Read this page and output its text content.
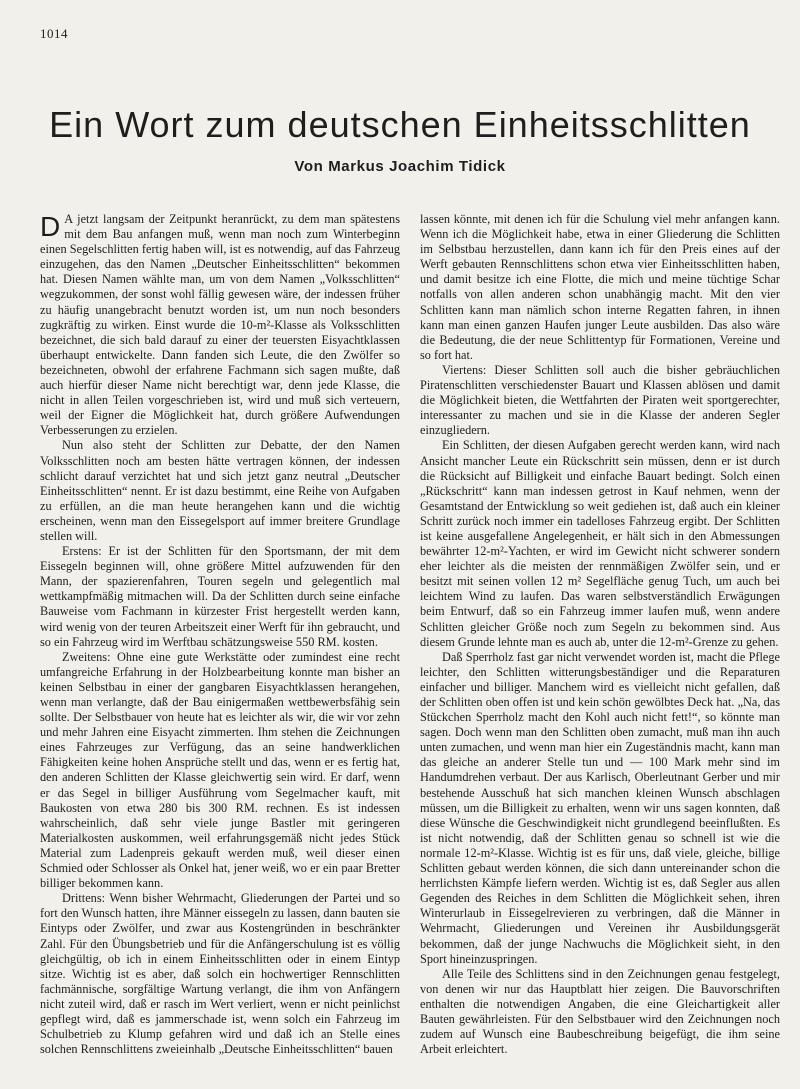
1014
Ein Wort zum deutschen Einheitsschlitten
Von Markus Joachim Tidick

D A jetzt langsam der Zeitpunkt heranrückt, zu dem man spätestens mit dem Bau anfangen muß, wenn man noch zum Winterbeginn einen Segelschlitten fertig haben will, ist es notwendig, auf das Fahrzeug einzugehen, das den Namen „Deutscher Einheitsschlitten“ bekommen hat. Diesen Namen wählte man, um von dem Namen „Volksschlitten“ wegzukommen, der sonst wohl fällig gewesen wäre, der indessen früher zu häufig unangebracht benutzt worden ist, um nun noch besonders zugkräftig zu wirken. Einst wurde die 10-m²-Klasse als Volksschlitten bezeichnet, die sich bald darauf zu einer der teuersten Eisyachtklassen überhaupt entwickelte. Dann fanden sich Leute, die den Zwölfer so bezeichneten, obwohl der erfahrene Fachmann sich sagen mußte, daß auch hierfür dieser Name nicht berechtigt war, denn jede Klasse, die nicht in allen Teilen vorgeschrieben ist, wird und muß sich verteuern, weil der Eigner die Möglichkeit hat, durch größere Aufwendungen Verbesserungen zu erzielen.

Nun also steht der Schlitten zur Debatte, der den Namen Volksschlitten noch am besten hätte vertragen können, der indessen schlicht darauf verzichtet hat und sich jetzt ganz neutral „Deutscher Einheitsschlitten“ nennt. Er ist dazu bestimmt, eine Reihe von Aufgaben zu erfüllen, an die man heute herangehen kann und die wichtig erscheinen, wenn man den Eissegelsport auf immer breitere Grundlage stellen will.

Erstens: Er ist der Schlitten für den Sportsmann, der mit dem Eissegeln beginnen will, ohne größere Mittel aufzuwenden für den Mann, der spazierenfahren, Touren segeln und gelegentlich mal wettkampfmäßig mitmachen will. Da der Schlitten durch seine einfache Bauweise vom Fachmann in kürzester Frist hergestellt werden kann, wird wenig von der teuren Arbeitszeit einer Werft für ihn gebraucht, und so ein Fahrzeug wird im Werftbau schätzungsweise 550 RM. kosten.

Zweitens: Ohne eine gute Werkstätte oder zumindest eine recht umfangreiche Erfahrung in der Holzbearbeitung konnte man bisher an keinen Selbstbau in einer der gangbaren Eisyachtklassen herangehen, wenn man verlangte, daß der Bau einigermaßen wettbewerbsfähig sein sollte. Der Selbstbauer von heute hat es leichter als wir, die wir vor zehn und mehr Jahren eine Eisyacht zimmerten. Ihm stehen die Zeichnungen eines Fahrzeuges zur Verfügung, das an seine handwerklichen Fähigkeiten keine hohen Ansprüche stellt und das, wenn er es fertig hat, den anderen Schlitten der Klasse gleichwertig sein wird. Er darf, wenn er das Segel in billiger Ausführung vom Segelmacher kauft, mit Baukosten von etwa 280 bis 300 RM. rechnen. Es ist indessen wahrscheinlich, daß sehr viele junge Bastler mit geringeren Materialkosten auskommen, weil erfahrungsgemäß nicht jedes Stück Material zum Ladenpreis gekauft werden muß, weil dieser einen Schmied oder Schlosser als Onkel hat, jener weiß, wo er ein paar Bretter billiger bekommen kann.

Drittens: Wenn bisher Wehrmacht, Gliederungen der Partei und so fort den Wunsch hatten, ihre Männer eissegeln zu lassen, dann bauten sie Eintyps oder Zwölfer, und zwar aus Kostengründen in beschränkter Zahl. Für den Übungsbetrieb und für die Anfängerschulung ist es völlig gleichgültig, ob ich in einem Einheitsschlitten oder in einem Eintyp sitze. Wichtig ist es aber, daß solch ein hochwertiger Rennschlitten fachmännische, sorgfältige Wartung verlangt, die ihm von Anfängern nicht zuteil wird, daß er rasch im Wert verliert, wenn er nicht peinlichst gepflegt wird, daß es jammerschade ist, wenn solch ein Fahrzeug im Schulbetrieb zu Klump gefahren wird und daß ich an Stelle eines solchen Rennschlittens zweieinhalb „Deutsche Einheitsschlitten“ bauen

lassen könnte, mit denen ich für die Schulung viel mehr anfangen kann. Wenn ich die Möglichkeit habe, etwa in einer Gliederung die Schlitten im Selbstbau herzustellen, dann kann ich für den Preis eines auf der Werft gebauten Rennschlittens schon etwa vier Einheitsschlitten haben, und damit besitze ich eine Flotte, die mich und meine tüchtige Schar notfalls von allen anderen schon unabhängig macht. Mit den vier Schlitten kann man nämlich schon interne Regatten fahren, in ihnen kann man einen ganzen Haufen junger Leute ausbilden. Das also wäre die Bedeutung, die der neue Schlittentyp für Formationen, Vereine und so fort hat.

Viertens: Dieser Schlitten soll auch die bisher gebräuchlichen Piratenschlitten verschiedenster Bauart und Klassen ablösen und damit die Möglichkeit bieten, die Wettfahrten der Piraten weit sportgerechter, interessanter zu machen und sie in die Klasse der anderen Segler einzugliedern.

Ein Schlitten, der diesen Aufgaben gerecht werden kann, wird nach Ansicht mancher Leute ein Rückschritt sein müssen, denn er ist durch die Rücksicht auf Billigkeit und einfache Bauart bedingt. Solch einen „Rückschritt“ kann man indessen getrost in Kauf nehmen, wenn der Gesamtstand der Entwicklung so weit gediehen ist, daß auch ein kleiner Schritt zurück noch immer ein tadelloses Fahrzeug ergibt. Der Schlitten ist keine ausgefallene Angelegenheit, er hält sich in den Abmessungen bewährter 12-m²-Yachten, er wird im Gewicht nicht schwerer sondern eher leichter als die meisten der rennmäßigen Zwölfer sein, und er besitzt mit seinen vollen 12 m² Segelfläche genug Tuch, um auch bei leichtem Wind zu laufen. Das waren selbstverständlich Erwägungen beim Entwurf, daß so ein Fahrzeug immer laufen muß, wenn andere Schlitten gleicher Größe noch zum Segeln zu bekommen sind. Aus diesem Grunde lehnte man es auch ab, unter die 12-m²-Grenze zu gehen.

Daß Sperrholz fast gar nicht verwendet worden ist, macht die Pflege leichter, den Schlitten witterungsbeständiger und die Reparaturen einfacher und billiger. Manchem wird es vielleicht nicht gefallen, daß der Schlitten oben offen ist und kein schön gewölbtes Deck hat. „Na, das Stückchen Sperrholz macht den Kohl auch nicht fett!“, so könnte man sagen. Doch wenn man den Schlitten oben zumacht, muß man ihn auch unten zumachen, und wenn man hier ein Zugeständnis macht, kann man das gleiche an anderer Stelle tun und — 100 Mark mehr sind im Handumdrehen verbaut. Der aus Karlisch, Oberleutnant Gerber und mir bestehende Ausschuß hat sich manchen kleinen Wunsch abschlagen müssen, um die Billigkeit zu erhalten, wenn wir uns sagen konnten, daß diese Wünsche die Geschwindigkeit nicht grundlegend beeinflußten. Es ist nicht notwendig, daß der Schlitten genau so schnell ist wie die normale 12-m²-Klasse. Wichtig ist es für uns, daß viele, gleiche, billige Schlitten gebaut werden können, die sich dann untereinander schon die herrlichsten Kämpfe liefern werden. Wichtig ist es, daß Segler aus allen Gegenden des Reiches in dem Schlitten die Möglichkeit sehen, ihren Winterurlaub in Eissegelrevieren zu verbringen, daß die Männer in Wehrmacht, Gliederungen und Vereinen ihr Ausbildungsgerät bekommen, daß der junge Nachwuchs die Möglichkeit sieht, in den Sport hineinzuspringen.

Alle Teile des Schlittens sind in den Zeichnungen genau festgelegt, von denen wir nur das Hauptblatt hier zeigen. Die Bauvorschriften enthalten die notwendigen Angaben, die eine Gleichartigkeit aller Bauten gewährleisten. Für den Selbstbauer wird den Zeichnungen noch zudem auf Wunsch eine Baubeschreibung beigefügt, die ihm seine Arbeit erleichtert.
